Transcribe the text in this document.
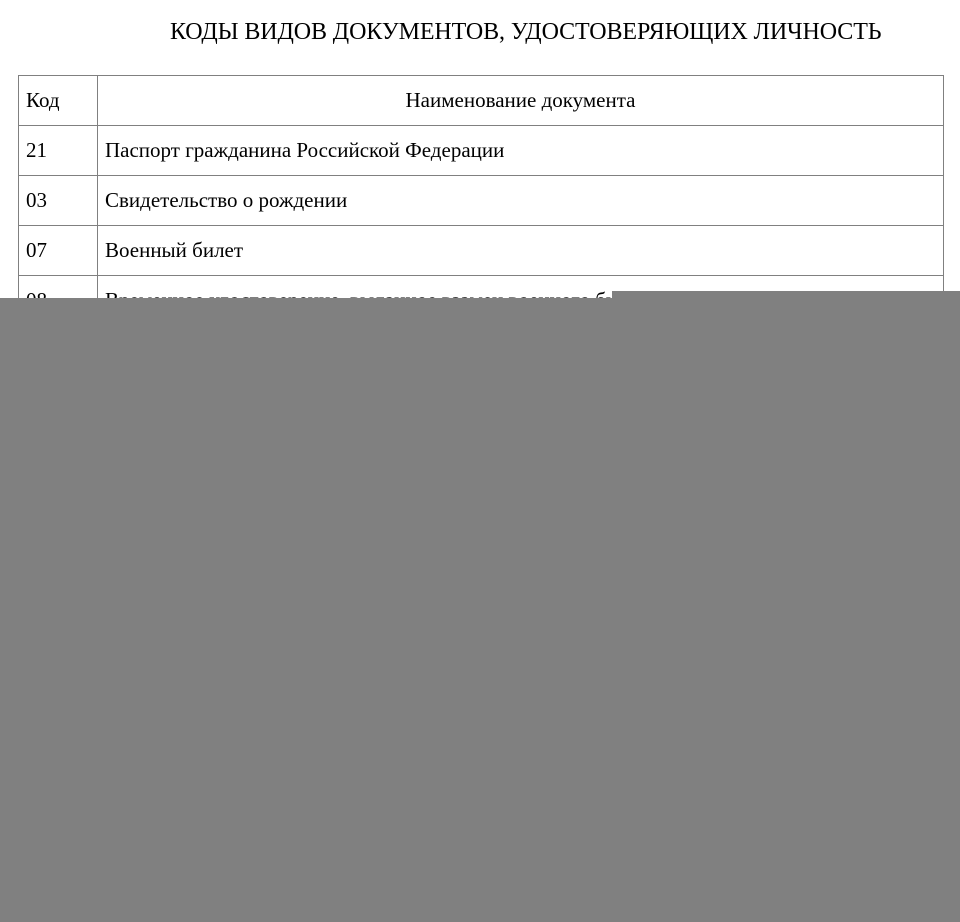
КОДЫ ВИДОВ ДОКУМЕНТОВ, УДОСТОВЕРЯЮЩИХ ЛИЧНОСТЬ
Код	Наименование документа
21	Паспорт гражданина Российской Федерации
03	Свидетельство о рождении
07	Военный билет
